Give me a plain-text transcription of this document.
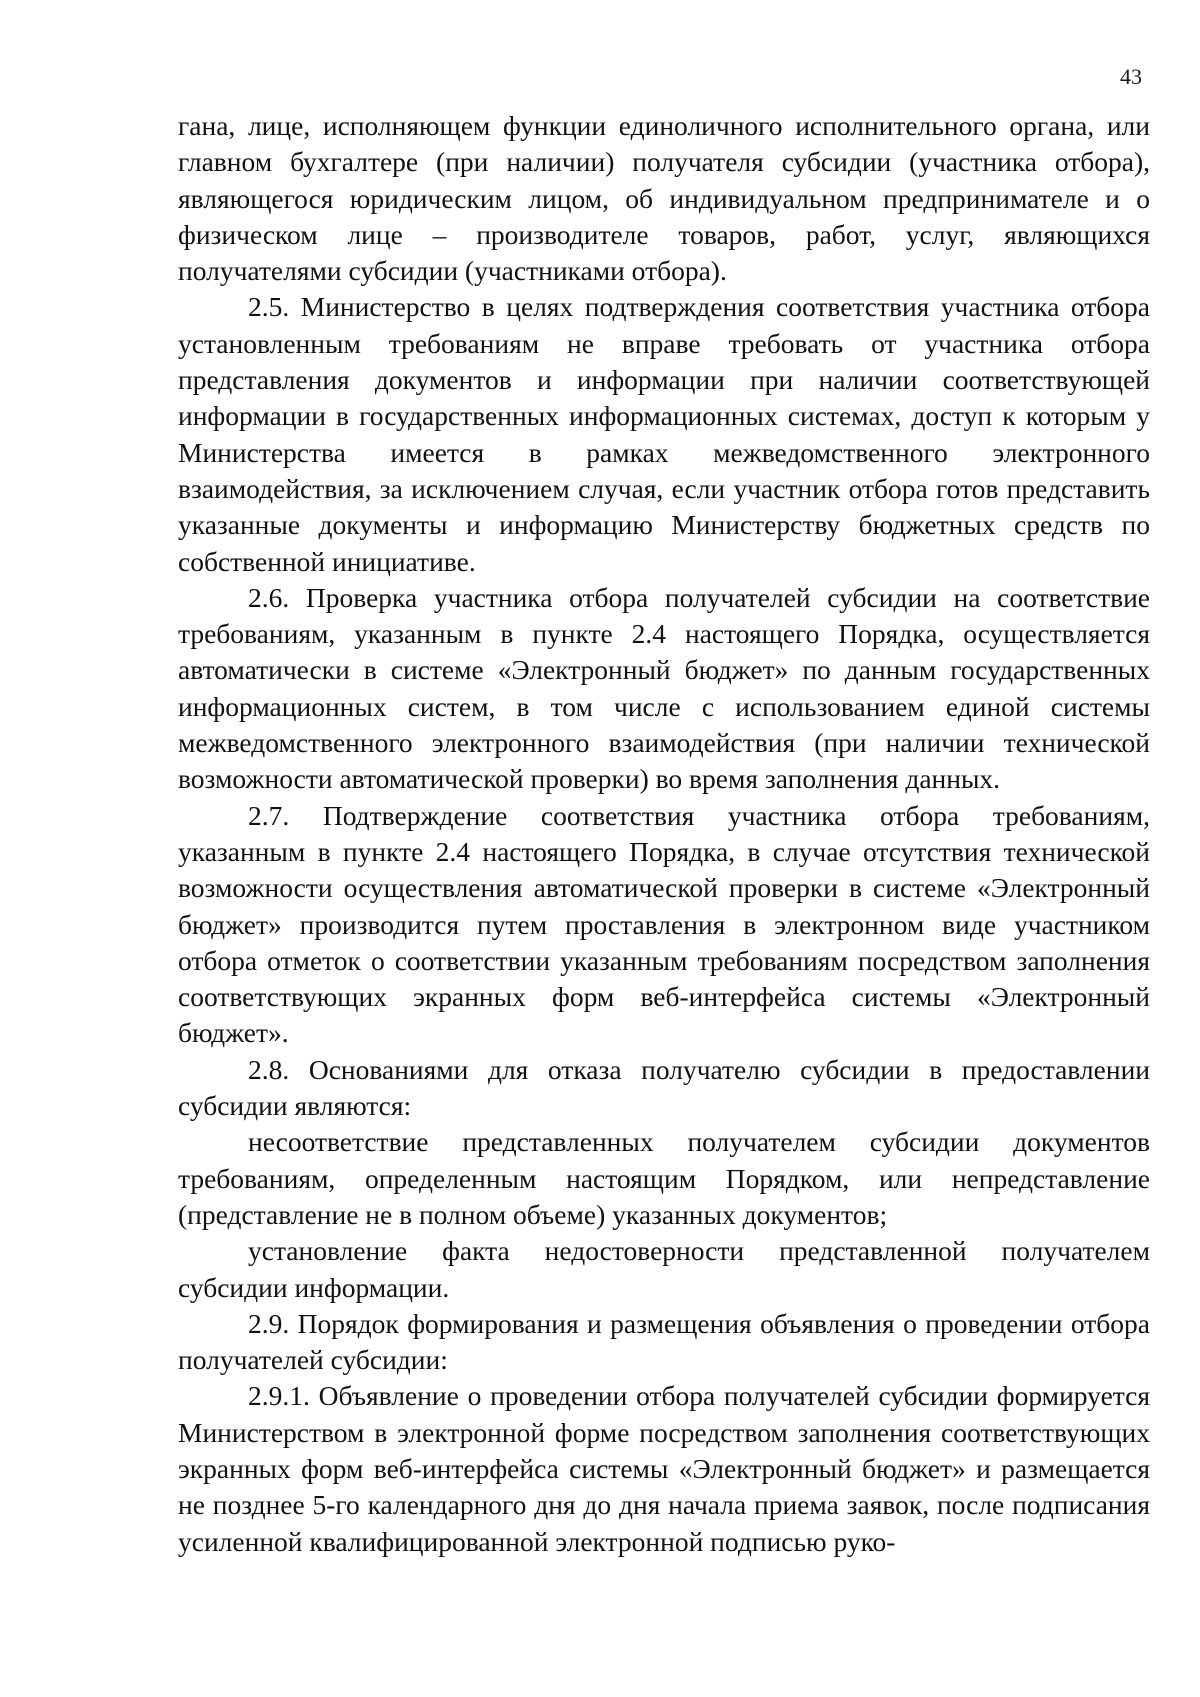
43

гана, лице, исполняющем функции единоличного исполнительного органа, или главном бухгалтере (при наличии) получателя субсидии (участника отбора), являющегося юридическим лицом, об индивидуальном предпринимателе и о физическом лице – производителе товаров, работ, услуг, являющихся получателями субсидии (участниками отбора).

2.5. Министерство в целях подтверждения соответствия участника отбора установленным требованиям не вправе требовать от участника отбора представления документов и информации при наличии соответствующей информации в государственных информационных системах, доступ к которым у Министерства имеется в рамках межведомственного электронного взаимодействия, за исключением случая, если участник отбора готов представить указанные документы и информацию Министерству бюджетных средств по собственной инициативе.

2.6. Проверка участника отбора получателей субсидии на соответствие требованиям, указанным в пункте 2.4 настоящего Порядка, осуществляется автоматически в системе «Электронный бюджет» по данным государственных информационных систем, в том числе с использованием единой системы межведомственного электронного взаимодействия (при наличии технической возможности автоматической проверки) во время заполнения данных.

2.7. Подтверждение соответствия участника отбора требованиям, указанным в пункте 2.4 настоящего Порядка, в случае отсутствия технической возможности осуществления автоматической проверки в системе «Электронный бюджет» производится путем проставления в электронном виде участником отбора отметок о соответствии указанным требованиям посредством заполнения соответствующих экранных форм веб-интерфейса системы «Электронный бюджет».

2.8. Основаниями для отказа получателю субсидии в предоставлении субсидии являются:

несоответствие представленных получателем субсидии документов требованиям, определенным настоящим Порядком, или непредставление (представление не в полном объеме) указанных документов;

установление факта недостоверности представленной получателем субсидии информации.

2.9. Порядок формирования и размещения объявления о проведении отбора получателей субсидии:

2.9.1. Объявление о проведении отбора получателей субсидии формируется Министерством в электронной форме посредством заполнения соответствующих экранных форм веб-интерфейса системы «Электронный бюджет» и размещается не позднее 5-го календарного дня до дня начала приема заявок, после подписания усиленной квалифицированной электронной подписью руко-
